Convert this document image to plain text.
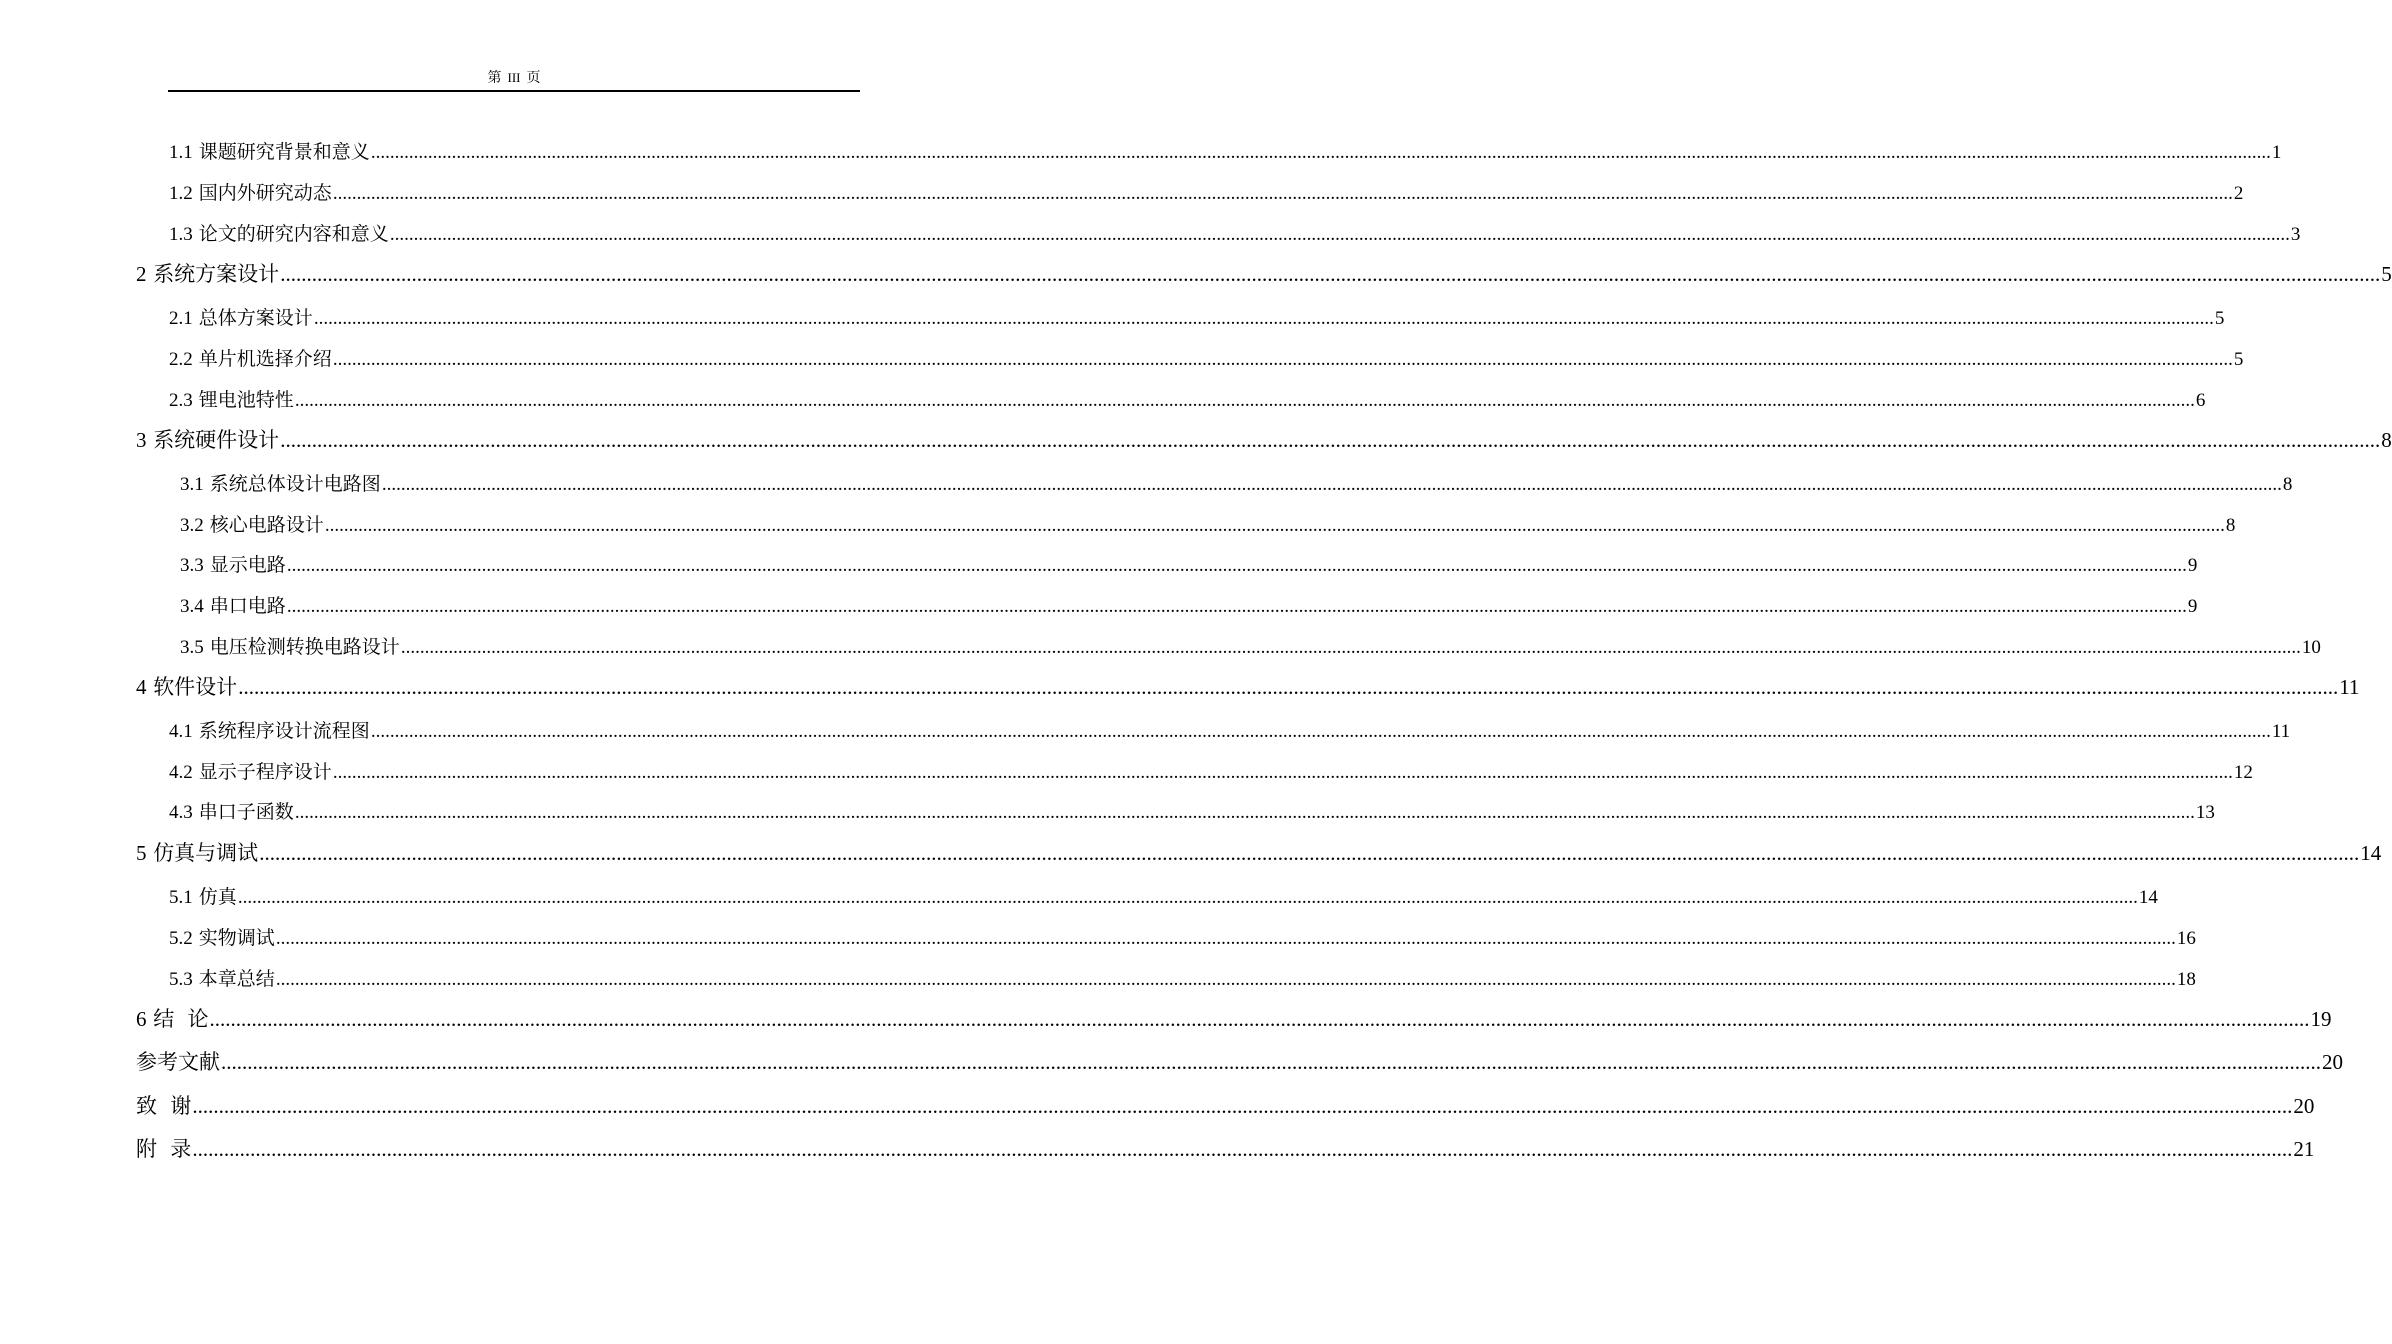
第 III 页
1.1 课题研究背景和意义 ................................................................................................................................................................................................................................................................................................................................................................................................................ 1
1.2 国内外研究动态 ................................................................................................................................................................................................................................................................................................................................................................................................................ 2
1.3 论文的研究内容和意义 ................................................................................................................................................................................................................................................................................................................................................................................................................ 3
2 系统方案设计 ................................................................................................................................................................................................................................................................................................................................................................................................................ 5
2.1 总体方案设计 ................................................................................................................................................................................................................................................................................................................................................................................................................ 5
2.2 单片机选择介绍 ................................................................................................................................................................................................................................................................................................................................................................................................................ 5
2.3 锂电池特性 ................................................................................................................................................................................................................................................................................................................................................................................................................ 6
3 系统硬件设计 ................................................................................................................................................................................................................................................................................................................................................................................................................ 8
3.1 系统总体设计电路图 ................................................................................................................................................................................................................................................................................................................................................................................................................ 8
3.2 核心电路设计 ................................................................................................................................................................................................................................................................................................................................................................................................................ 8
3.3 显示电路 ................................................................................................................................................................................................................................................................................................................................................................................................................ 9
3.4 串口电路 ................................................................................................................................................................................................................................................................................................................................................................................................................ 9
3.5 电压检测转换电路设计 ................................................................................................................................................................................................................................................................................................................................................................................................................ 10
4 软件设计 ................................................................................................................................................................................................................................................................................................................................................................................................................ 11
4.1 系统程序设计流程图 ................................................................................................................................................................................................................................................................................................................................................................................................................ 11
4.2 显示子程序设计 ................................................................................................................................................................................................................................................................................................................................................................................................................ 12
4.3 串口子函数 ................................................................................................................................................................................................................................................................................................................................................................................................................ 13
5 仿真与调试 ................................................................................................................................................................................................................................................................................................................................................................................................................ 14
5.1 仿真 ................................................................................................................................................................................................................................................................................................................................................................................................................ 14
5.2 实物调试 ................................................................................................................................................................................................................................................................................................................................................................................................................ 16
5.3 本章总结 ................................................................................................................................................................................................................................................................................................................................................................................................................ 18
6 结  论 ................................................................................................................................................................................................................................................................................................................................................................................................................ 19
参考文献 ................................................................................................................................................................................................................................................................................................................................................................................................................ 20
致  谢 ................................................................................................................................................................................................................................................................................................................................................................................................................ 20
附  录 ................................................................................................................................................................................................................................................................................................................................................................................................................ 21
